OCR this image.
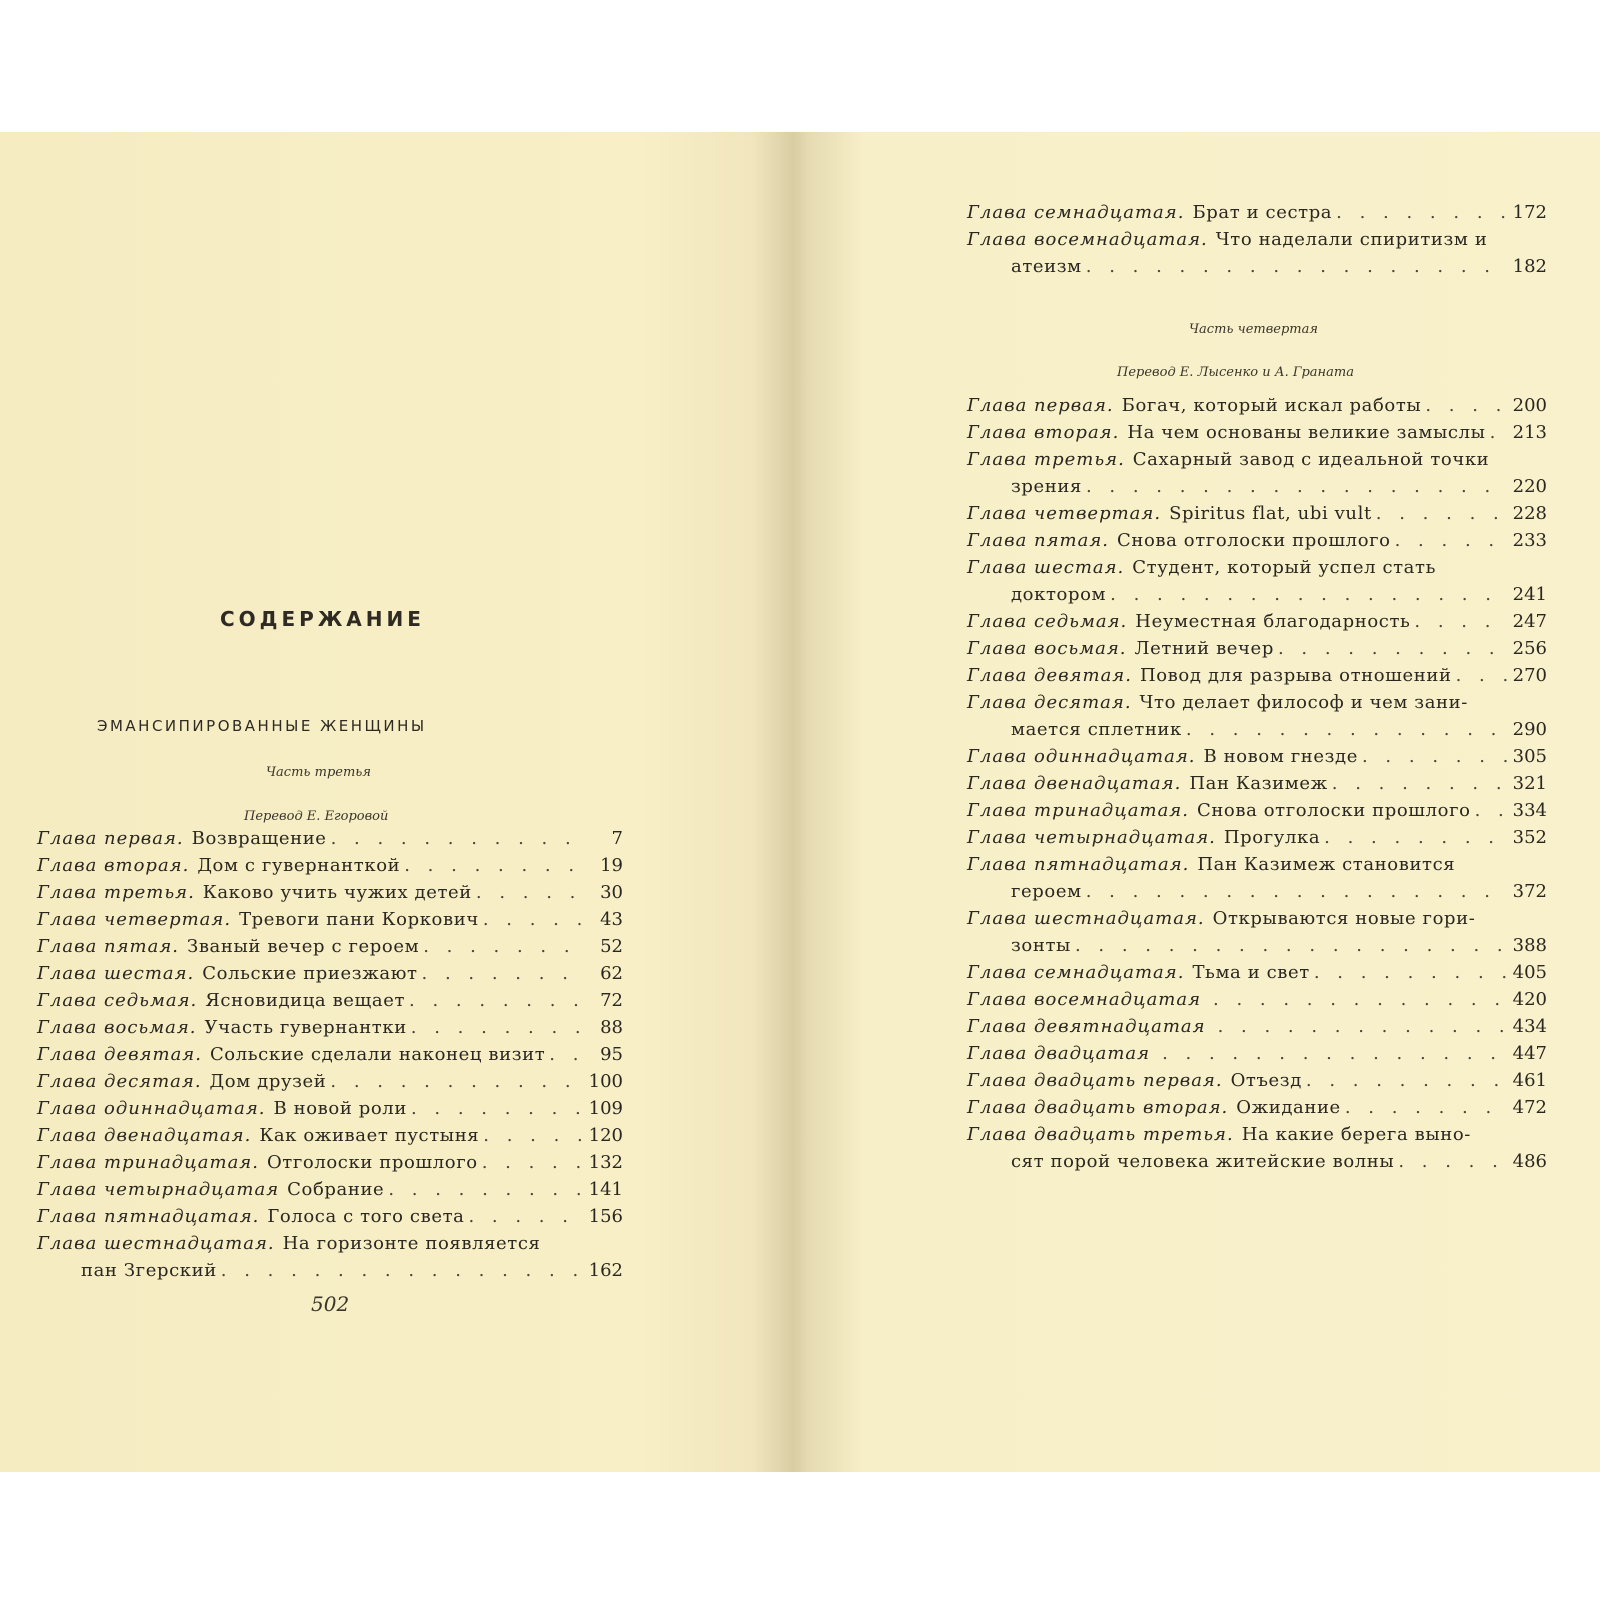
СОДЕРЖАНИЕ
ЭМАНСИПИРОВАННЫЕ ЖЕНЩИНЫ
Часть третья
Перевод Е. Егоровой
Глава первая. Возвращение . . .	7
Глава вторая. Дом с гувернанткой . . .	19
Глава третья. Каково учить чужих детей . . .	30
Глава четвертая. Тревоги пани Коркович . . .	43
Глава пятая. Званый вечер с героем . . .	52
Глава шестая. Сольские приезжают . . .	62
Глава седьмая. Ясновидица вещает . . .	72
Глава восьмая. Участь гувернантки . . .	88
Глава девятая. Сольские сделали наконец визит . . .	95
Глава десятая. Дом друзей . . .	100
Глава одиннадцатая. В новой роли . . .	109
Глава двенадцатая. Как оживает пустыня . . .	120
Глава тринадцатая. Отголоски прошлого . . .	132
Глава четырнадцатая Собрание . . .	141
Глава пятнадцатая. Голоса с того света . . .	156
Глава шестнадцатая. На горизонте появляется
пан Згерский . . .	162
502
Глава семнадцатая. Брат и сестра . . .	172
Глава восемнадцатая. Что наделали спиритизм и
атеизм . . .	182
Часть четвертая
Перевод Е. Лысенко и А. Граната
Глава первая. Богач, который искал работы . . .	200
Глава вторая. На чем основаны великие замыслы . . . 213
Глава третья. Сахарный завод с идеальной точки
зрения . . .	220
Глава четвертая. Spiritus flat, ubi vult . . .	228
Глава пятая. Снова отголоски прошлого . . .	233
Глава шестая. Студент, который успел стать
доктором . . .	241
Глава седьмая. Неуместная благодарность . . .	247
Глава восьмая. Летний вечер . . .	256
Глава девятая. Повод для разрыва отношений . . .	270
Глава десятая. Что делает философ и чем зани-
мается сплетник . . .	290
Глава одиннадцатая. В новом гнезде . . .	305
Глава двенадцатая. Пан Казимеж . . .	321
Глава тринадцатая. Снова отголоски прошлого . . . 334
Глава четырнадцатая. Прогулка . . .	352
Глава пятнадцатая. Пан Казимеж становится
героем . . .	372
Глава шестнадцатая. Открываются новые гори-
зонты . . .	388
Глава семнадцатая. Тьма и свет . . .	405
Глава восемнадцатая . . .	420
Глава девятнадцатая . . .	434
Глава двадцатая . . .	447
Глава двадцать первая. Отъезд . . .	461
Глава двадцать вторая. Ожидание . . .	472
Глава двадцать третья. На какие берега выно-
сят порой человека житейские волны . . .	486
